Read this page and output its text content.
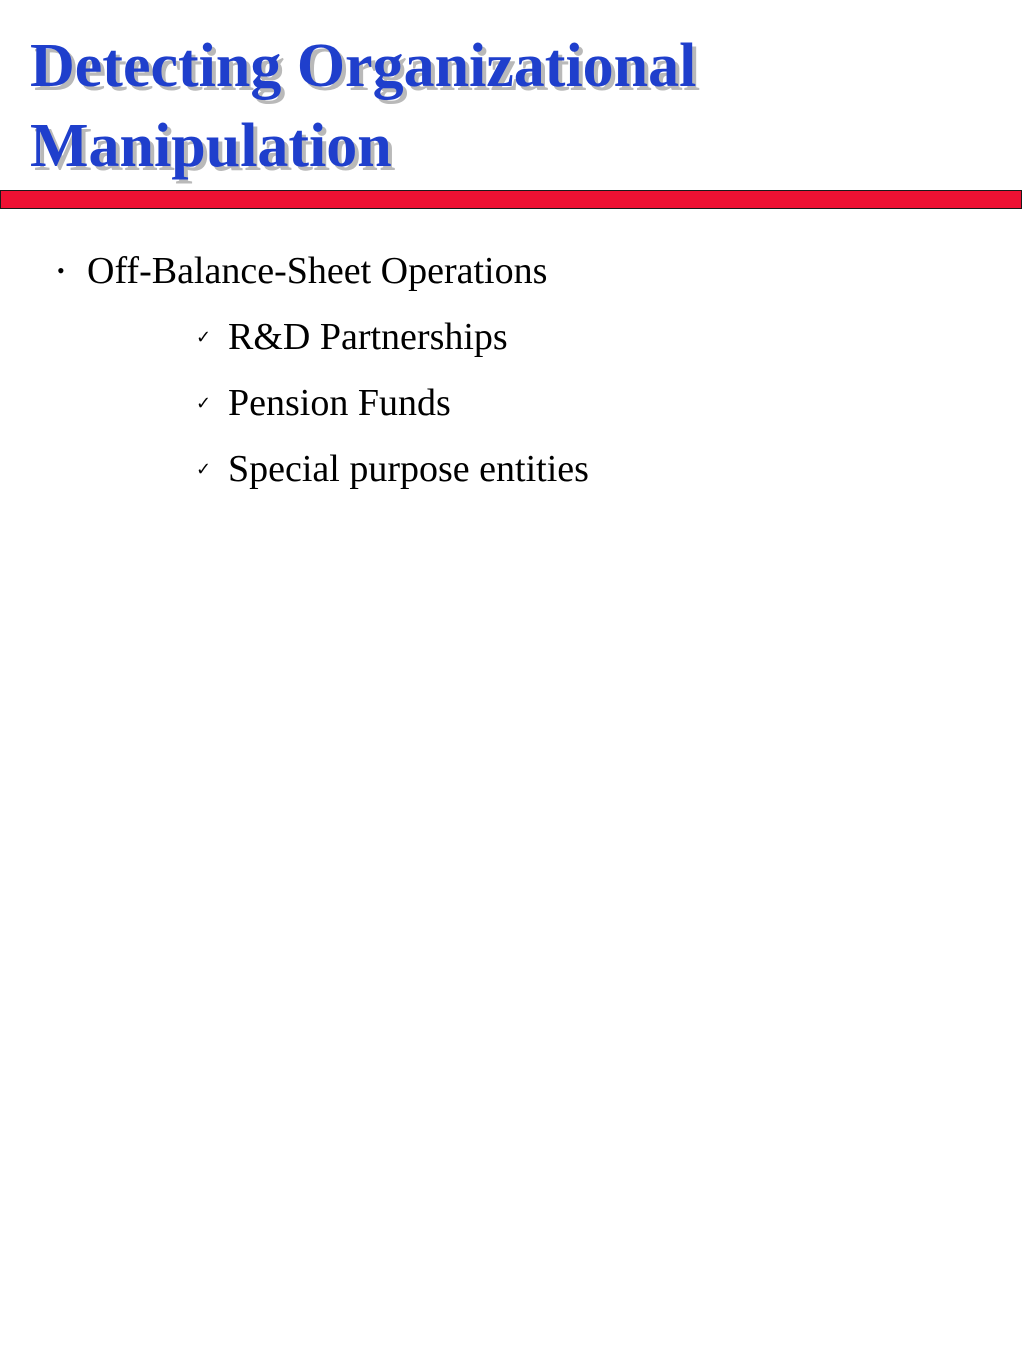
Detecting Organizational
Manipulation
• Off-Balance-Sheet Operations
✓ R&D Partnerships
✓ Pension Funds
✓ Special purpose entities
